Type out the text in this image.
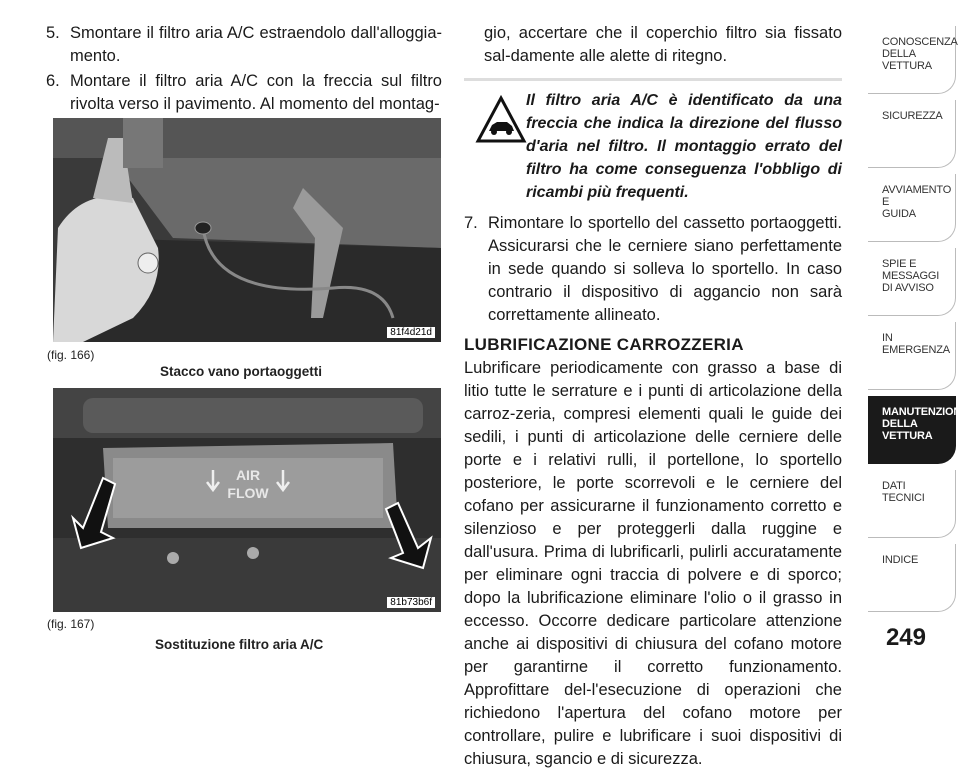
5. Smontare il filtro aria A/C estraendolo dall'alloggia-mento.
6. Montare il filtro aria A/C con la freccia sul filtro rivolta verso il pavimento. Al momento del montag-
81f4d21d
(fig. 166)
Stacco vano portaoggetti
AIR
FLOW
81b73b6f
(fig. 167)
Sostituzione filtro aria A/C
gio, accertare che il coperchio filtro sia fissato sal-damente alle alette di ritegno.
Il filtro aria A/C è identificato da una freccia che indica la direzione del flusso d'aria nel filtro. Il montaggio errato del filtro ha come conseguenza l'obbligo di ricambi più frequenti.
7. Rimontare lo sportello del cassetto portaoggetti. Assicurarsi che le cerniere siano perfettamente in sede quando si solleva lo sportello. In caso contrario il dispositivo di aggancio non sarà correttamente allineato.
LUBRIFICAZIONE CARROZZERIA
Lubrificare periodicamente con grasso a base di litio tutte le serrature e i punti di articolazione della carroz-zeria, compresi elementi quali le guide dei sedili, i punti di articolazione delle cerniere delle porte e i relativi rulli, il portellone, lo sportello posteriore, le porte scorrevoli e le cerniere del cofano per assicurarne il funzionamento corretto e silenzioso e per proteggerli dalla ruggine e dall'usura. Prima di lubrificarli, pulirli accuratamente per eliminare ogni traccia di polvere e di sporco; dopo la lubrificazione eliminare l'olio o il grasso in eccesso. Occorre dedicare particolare attenzione anche ai dispositivi di chiusura del cofano motore per garantirne il corretto funzionamento. Approfittare del-l'esecuzione di operazioni che richiedono l'apertura del cofano motore per controllare, pulire e lubrificare i suoi dispositivi di chiusura, sgancio e di sicurezza.
CONOSCENZA
DELLA
VETTURA
SICUREZZA
AVVIAMENTO
E
GUIDA
SPIE E
MESSAGGI
DI AVVISO
IN
EMERGENZA
MANUTENZIONE
DELLA
VETTURA
DATI
TECNICI
INDICE
249
